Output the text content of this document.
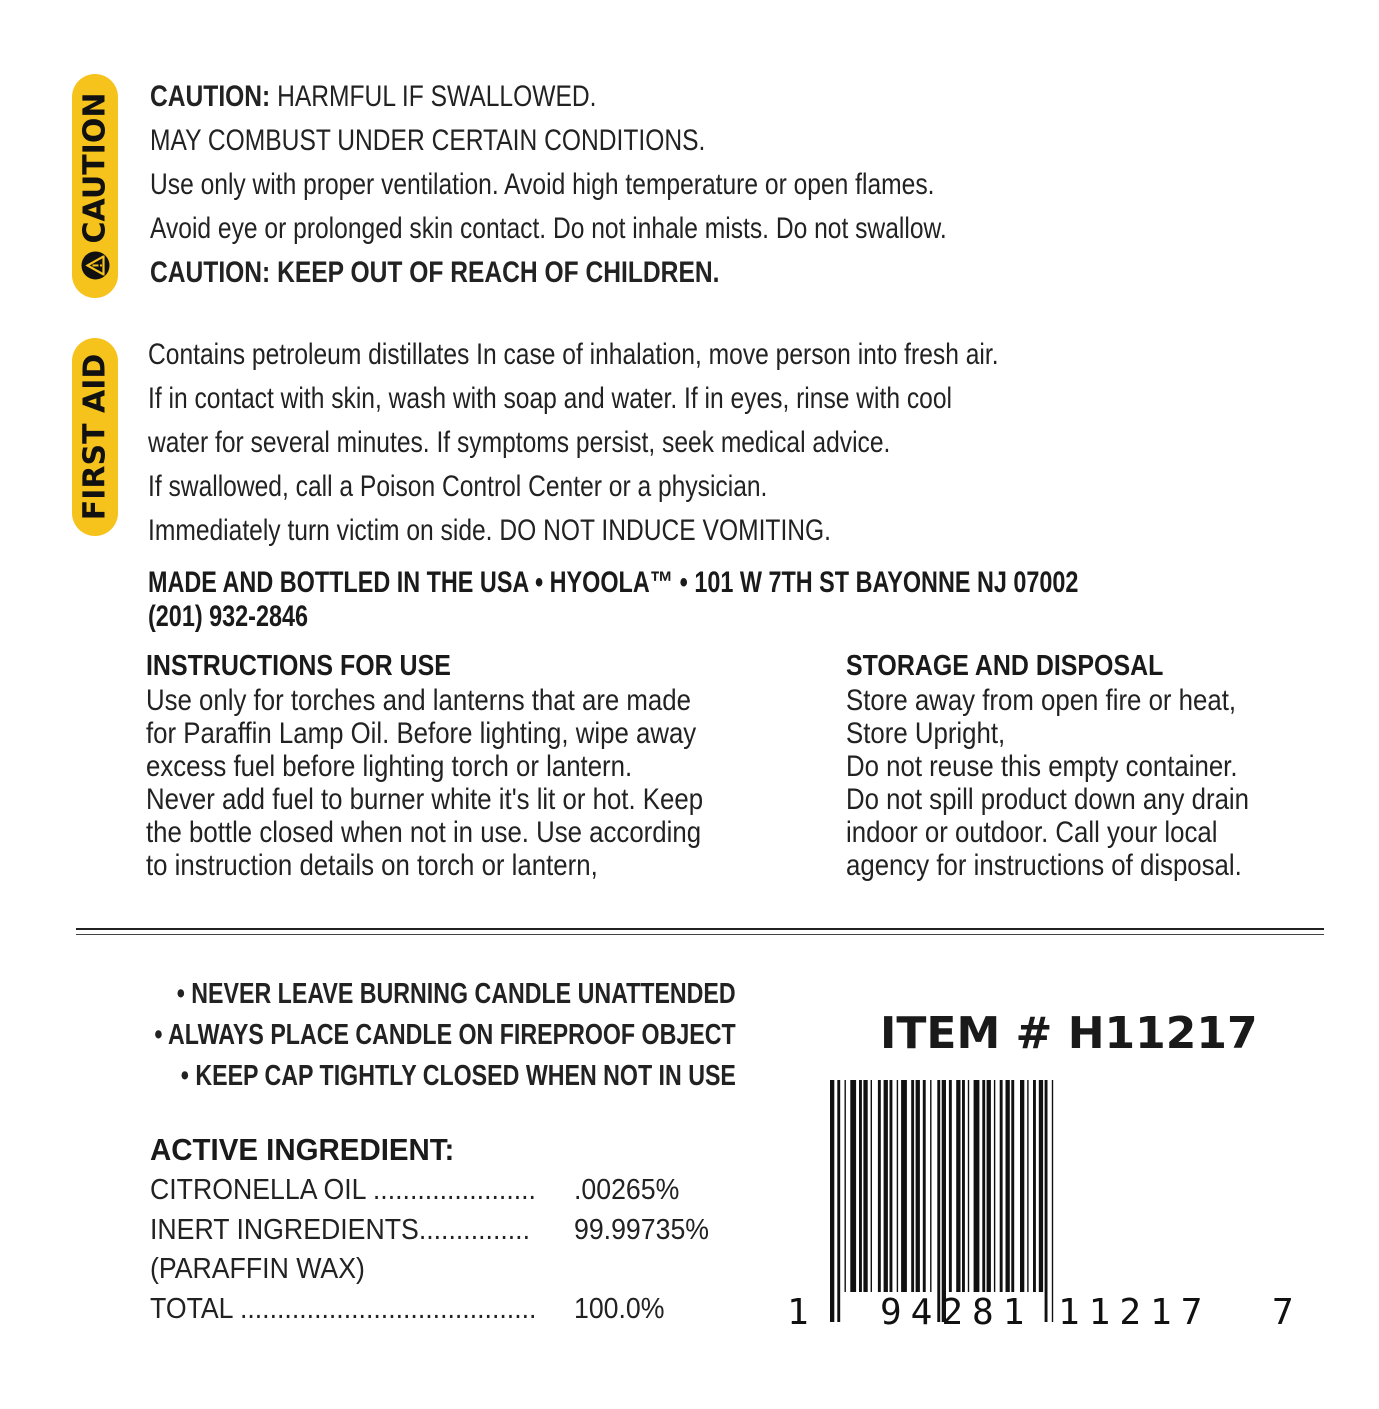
CAUTION CAUTION: HARMFUL IF SWALLOWED.
MAY COMBUST UNDER CERTAIN CONDITIONS.
Use only with proper ventilation. Avoid high temperature or open flames.
Avoid eye or prolonged skin contact. Do not inhale mists. Do not swallow.
CAUTION: KEEP OUT OF REACH OF CHILDREN.
FIRST AID Contains petroleum distillates In case of inhalation, move person into fresh air.
If in contact with skin, wash with soap and water. If in eyes, rinse with cool
water for several minutes. If symptoms persist, seek medical advice.
If swallowed, call a Poison Control Center or a physician.
Immediately turn victim on side. DO NOT INDUCE VOMITING.
MADE AND BOTTLED IN THE USA • HYOOLA™ • 101 W 7TH ST BAYONNE NJ 07002
(201) 932-2846
INSTRUCTIONS FOR USE
Use only for torches and lanterns that are made
for Paraffin Lamp Oil. Before lighting, wipe away
excess fuel before lighting torch or lantern.
Never add fuel to burner white it's lit or hot. Keep
the bottle closed when not in use. Use according
to instruction details on torch or lantern,
STORAGE AND DISPOSAL
Store away from open fire or heat,
Store Upright,
Do not reuse this empty container.
Do not spill product down any drain
indoor or outdoor. Call your local
agency for instructions of disposal.
• NEVER LEAVE BURNING CANDLE UNATTENDED
• ALWAYS PLACE CANDLE ON FIREPROOF OBJECT
• KEEP CAP TIGHTLY CLOSED WHEN NOT IN USE
ACTIVE INGREDIENT:
CITRONELLA OIL ......................	.00265%
INERT INGREDIENTS...............	99.99735%
(PARAFFIN WAX)
TOTAL ........................................	100.0%
ITEM # H11217
1 94281 11217 7
